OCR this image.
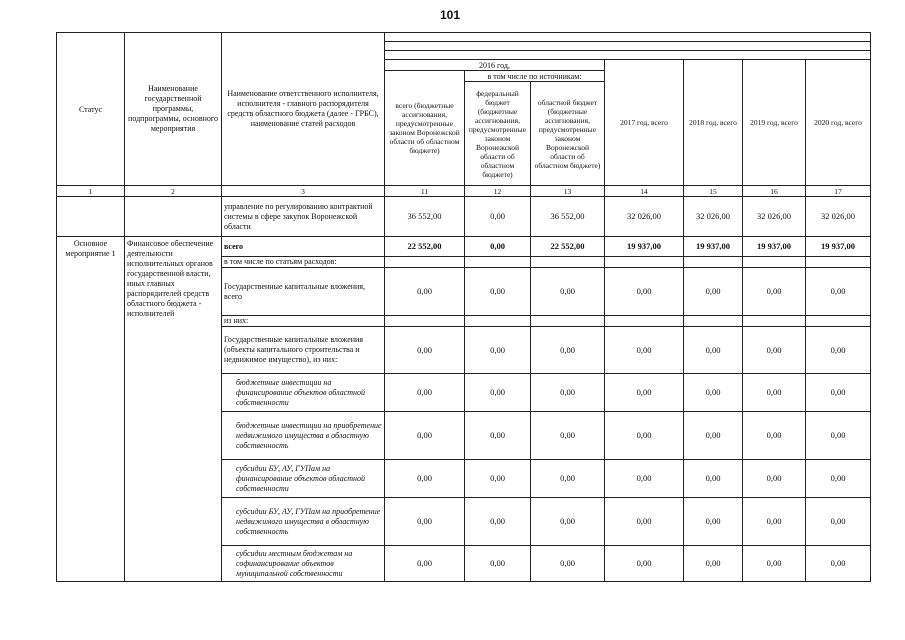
101
Статус	Наименование государственной программы, подпрограммы, основного мероприятия	Наименование ответственного исполнителя, исполнителя - главного распорядителя средств областного бюджета (далее - ГРБС), наименование статей расходов							

			2016 год,			2017 год, всего	2018 год, всего	2019 год, всего	2020 год, всего
			всего (бюджетные ассигнования, предусмотренные законом Воронежской области об областном бюджете)	в том числе по источникам:					
				федеральный бюджет (бюджетные ассигнования, предусмотренные законом Воронежской области об областном бюджете)	областной бюджет (бюджетные ассигнования, предусмотренные законом Воронежской области об областном бюджете)				
1	2	3	11	12	13	14	15	16	17
		управление по регулированию контрактной системы в сфере закупок Воронежской области	36 552,00	0,00	36 552,00	32 026,00	32 026,00	32 026,00	32 026,00
Основное мероприятие 1	Финансовое обеспечение деятельности исполнительных органов государственной власти, иных главных распорядителей средств областного бюджета - исполнителей	всего	22 552,00	0,00	22 552,00	19 937,00	19 937,00	19 937,00	19 937,00
		в том числе по статьям расходов:							
		Государственные капитальные вложения, всего	0,00	0,00	0,00	0,00	0,00	0,00	0,00
		из них:							
		Государственные капитальные вложения (объекты капитального строительства и недвижимое имущество), из них:	0,00	0,00	0,00	0,00	0,00	0,00	0,00
		бюджетные инвестиции на финансирование объектов областной собственности	0,00	0,00	0,00	0,00	0,00	0,00	0,00
		бюджетные инвестиции на приобретение недвижимого имущества в областную собственность	0,00	0,00	0,00	0,00	0,00	0,00	0,00
		субсидии БУ, АУ, ГУПам на финансирование объектов областной собственности	0,00	0,00	0,00	0,00	0,00	0,00	0,00
		субсидии БУ, АУ, ГУПам на приобретение недвижимого имущества в областную собственность	0,00	0,00	0,00	0,00	0,00	0,00	0,00
		субсидии местным бюджетам на софинансирование объектов муниципальной собственности	0,00	0,00	0,00	0,00	0,00	0,00	0,00
